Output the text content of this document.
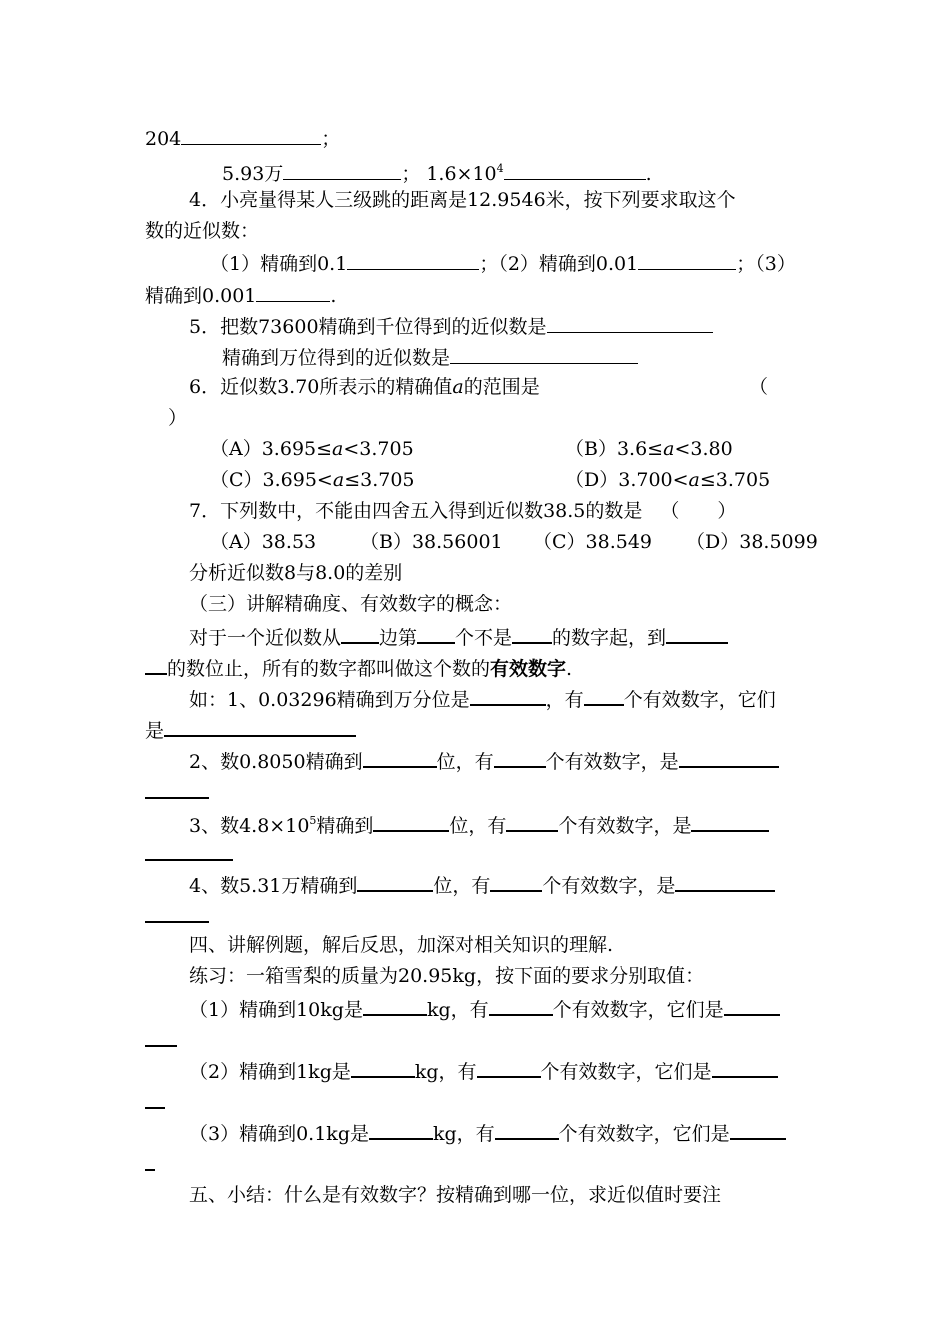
204	；
5.93万	； $1.6\times 10^4$	.
4．小亮量得某人三级跳的距离是12.9546米，按下列要求取这个
数的近似数：
（1）精确到0.1	；（2）精确到0.01	；（3）
精确到0.001	.
5．把数73600精确到千位得到的近似数是
精确到万位得到的近似数是
6．近似数3.70所表示的精确值a的范围是	（
）
（A）3.695≤a<3.705	（B）3.6≤a<3.80
（C）3.695<a≤3.705	（D）3.700<a≤3.705
7．下列数中，不能由四舍五入得到近似数38.5的数是 （　　）
（A）38.53 （B）38.56001 （C）38.549 （D）38.5099
分析近似数8与8.0的差别
（三）讲解精确度、有效数字的概念：
对于一个近似数从 边第 个不是 的数字起，到
的数位止，所有的数字都叫做这个数的有效数字.
如：1、0.03296精确到万分位是	，有 个有效数字，它们
是
2、数0.8050精确到	位，有	个有效数字，是
3、数$4.8\times 10^5$精确到	位，有	个有效数字，是
4、数5.31万精确到	位，有	个有效数字，是
四、讲解例题，解后反思，加深对相关知识的理解.
练习：一箱雪梨的质量为20.95kg，按下面的要求分别取值：
（1）精确到10kg是	kg，有	个有效数字，它们是
（2）精确到1kg是	kg，有	个有效数字，它们是
（3）精确到0.1kg是	kg，有	个有效数字，它们是
五、小结：什么是有效数字？按精确到哪一位，求近似值时要注
